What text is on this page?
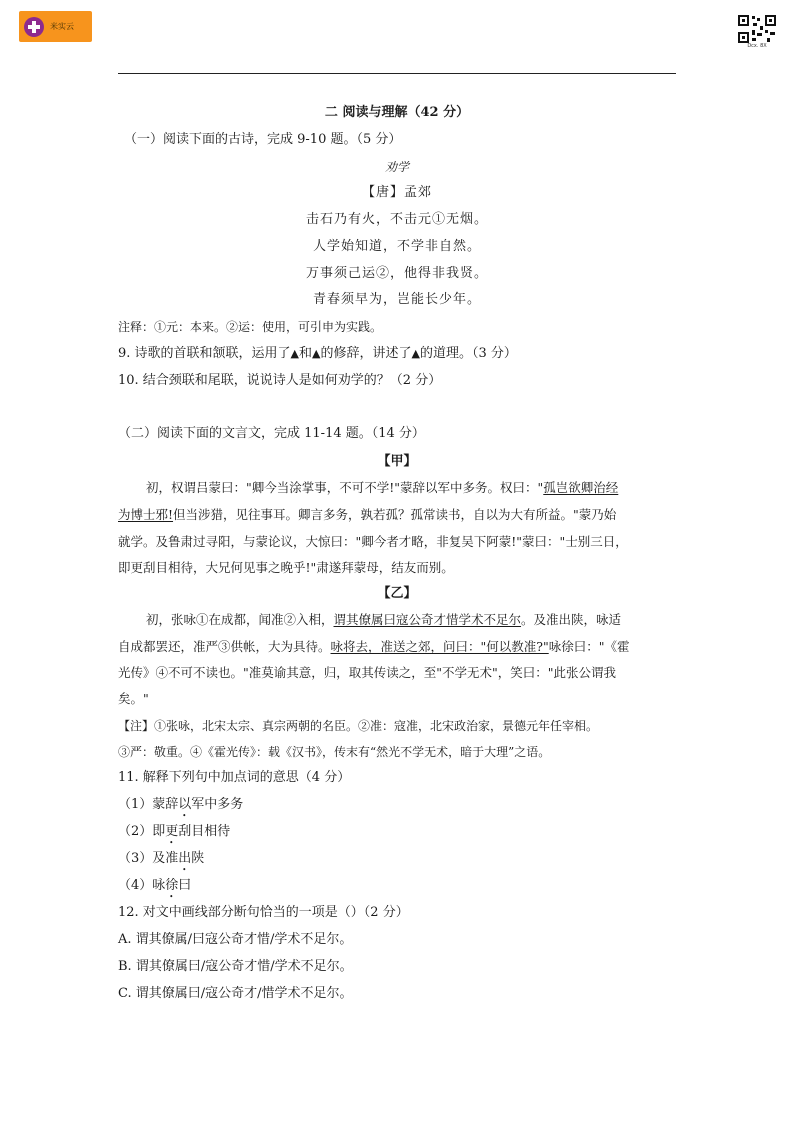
米实云
Dcx. 8X
二 阅读与理解（42 分）
（一）阅读下面的古诗，完成 9-10 题。（5 分）
劝学
【唐】孟郊
击石乃有火，不击元①无烟。
人学始知道，不学非自然。
万事须己运②，他得非我贤。
青春须早为，岂能长少年。
注释：①元：本来。②运：使用，可引申为实践。
9. 诗歌的首联和颔联，运用了▲和▲的修辞，讲述了▲的道理。（3 分）
10. 结合颈联和尾联，说说诗人是如何劝学的？（2 分）
（二）阅读下面的文言文，完成 11-14 题。（14 分）
【甲】
初，权谓吕蒙曰："卿今当涂掌事，不可不学!"蒙辞以军中多务。权曰："孤岂欲卿治经
为博士邪!但当涉猎，见往事耳。卿言多务，孰若孤？孤常读书，自以为大有所益。"蒙乃始
就学。及鲁肃过寻阳，与蒙论议，大惊曰："卿今者才略，非复吴下阿蒙!"蒙曰："士别三日，
即更刮目相待，大兄何见事之晚乎!"肃遂拜蒙母，结友而别。
【乙】
初，张咏①在成都，闻准②入相，谓其僚属曰寇公奇才惜学术不足尔。及准出陕，咏适
自成都罢还，准严③供帐，大为具待。咏将去，准送之郊，问曰："何以教准?"咏徐曰："《霍
光传》④不可不读也。"准莫谕其意，归，取其传读之，至"不学无术"，笑曰："此张公谓我
矣。"
【注】①张咏，北宋太宗、真宗两朝的名臣。②准：寇准，北宋政治家，景德元年任宰相。
③严：敬重。④《霍光传》：载《汉书》，传末有“然光不学无术，暗于大理”之语。
11. 解释下列句中加点词的意思（4 分）
（1）蒙辞以军中多务
（2）即更刮目相待
（3）及准出陕
（4）咏徐曰
12. 对文中画线部分断句恰当的一项是（）（2 分）
A. 谓其僚属/曰寇公奇才惜/学术不足尔。
B. 谓其僚属曰/寇公奇才惜/学术不足尔。
C. 谓其僚属曰/寇公奇才/惜学术不足尔。
